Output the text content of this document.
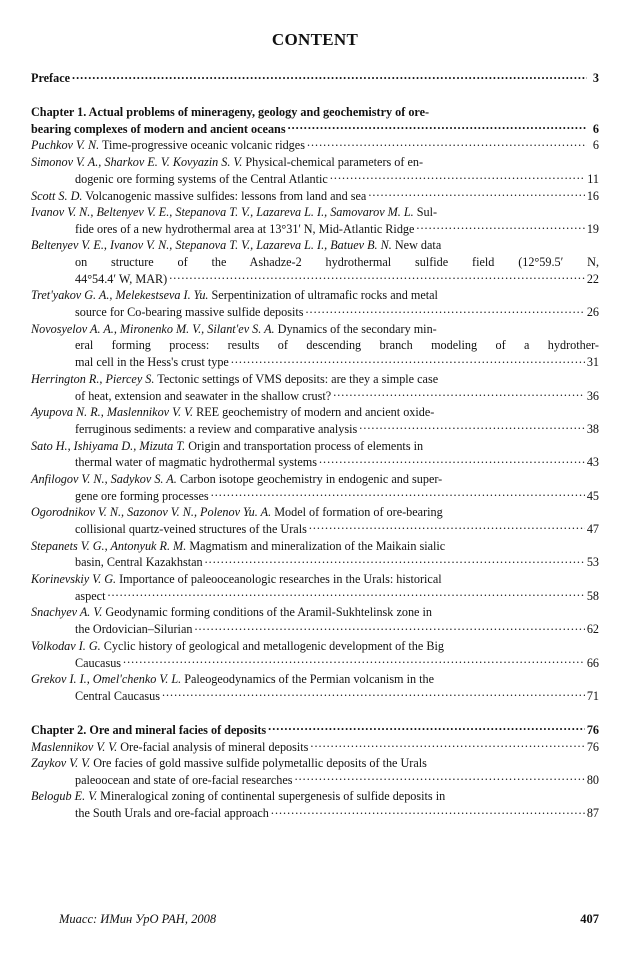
CONTENT
Preface .....	3
Chapter 1. Actual problems of minerageny, geology and geochemistry of ore-
bearing complexes of modern and ancient oceans .....	6
Puchkov V. N. Time-progressive oceanic volcanic ridges .....	6
Simonov V. A., Sharkov E. V. Kovyazin S. V. Physical-chemical parameters of en-
dogenic ore forming systems of the Central Atlantic .....	11
Scott S. D. Volcanogenic massive sulfides: lessons from land and sea .....	16
Ivanov V. N., Beltenyev V. E., Stepanova T. V., Lazareva L. I., Samovarov M. L. Sul-
fide ores of a new hydrothermal area at 13°31' N, Mid-Atlantic Ridge .....	19
Beltenyev V. E., Ivanov V. N., Stepanova T. V., Lazareva L. I., Batuev B. N. New data
on structure of the Ashadze-2 hydrothermal sulfide field (12°59.5′ N,
44°54.4′ W, MAR) .....	22
Tret'yakov G. A., Melekestseva I. Yu. Serpentinization of ultramafic rocks and metal
source for Co-bearing massive sulfide deposits .....	26
Novosyelov A. A., Mironenko M. V., Silant'ev S. A. Dynamics of the secondary min-
eral forming process: results of descending branch modeling of a hydrother-
mal cell in the Hess's crust type .....	31
Herrington R., Piercey S. Tectonic settings of VMS deposits: are they a simple case
of heat, extension and seawater in the shallow crust? .....	36
Ayupova N. R., Maslennikov V. V. REE geochemistry of modern and ancient oxide-
ferruginous sediments: a review and comparative analysis .....	38
Sato H., Ishiyama D., Mizuta T. Origin and transportation process of elements in
thermal water of magmatic hydrothermal systems .....	43
Anfilogov V. N., Sadykov S. A. Carbon isotope geochemistry in endogenic and super-
gene ore forming processes .....	45
Ogorodnikov V. N., Sazonov V. N., Polenov Yu. A. Model of formation of ore-bearing
collisional quartz-veined structures of the Urals .....	47
Stepanets V. G., Antonyuk R. M. Magmatism and mineralization of the Maikain sialic
basin, Central Kazakhstan .....	53
Korinevskiy V. G. Importance of paleooceanologic researches in the Urals: historical
aspect .....	58
Snachyev A. V. Geodynamic forming conditions of the Aramil-Sukhtelinsk zone in
the Ordovician–Silurian .....	62
Volkodav I. G. Cyclic history of geological and metallogenic development of the Big
Caucasus .....	66
Grekov I. I., Omel'chenko V. L. Paleogeodynamics of the Permian volcanism in the
Central Caucasus .....	71
Chapter 2. Ore and mineral facies of deposits .....	76
Maslennikov V. V. Ore-facial analysis of mineral deposits .....	76
Zaykov V. V. Ore facies of gold massive sulfide polymetallic deposits of the Urals
paleoocean and state of ore-facial researches .....	80
Belogub E. V. Mineralogical zoning of continental supergenesis of sulfide deposits in
the South Urals and ore-facial approach .....	87
Миасс: ИМин УрО РАН, 2008	407
